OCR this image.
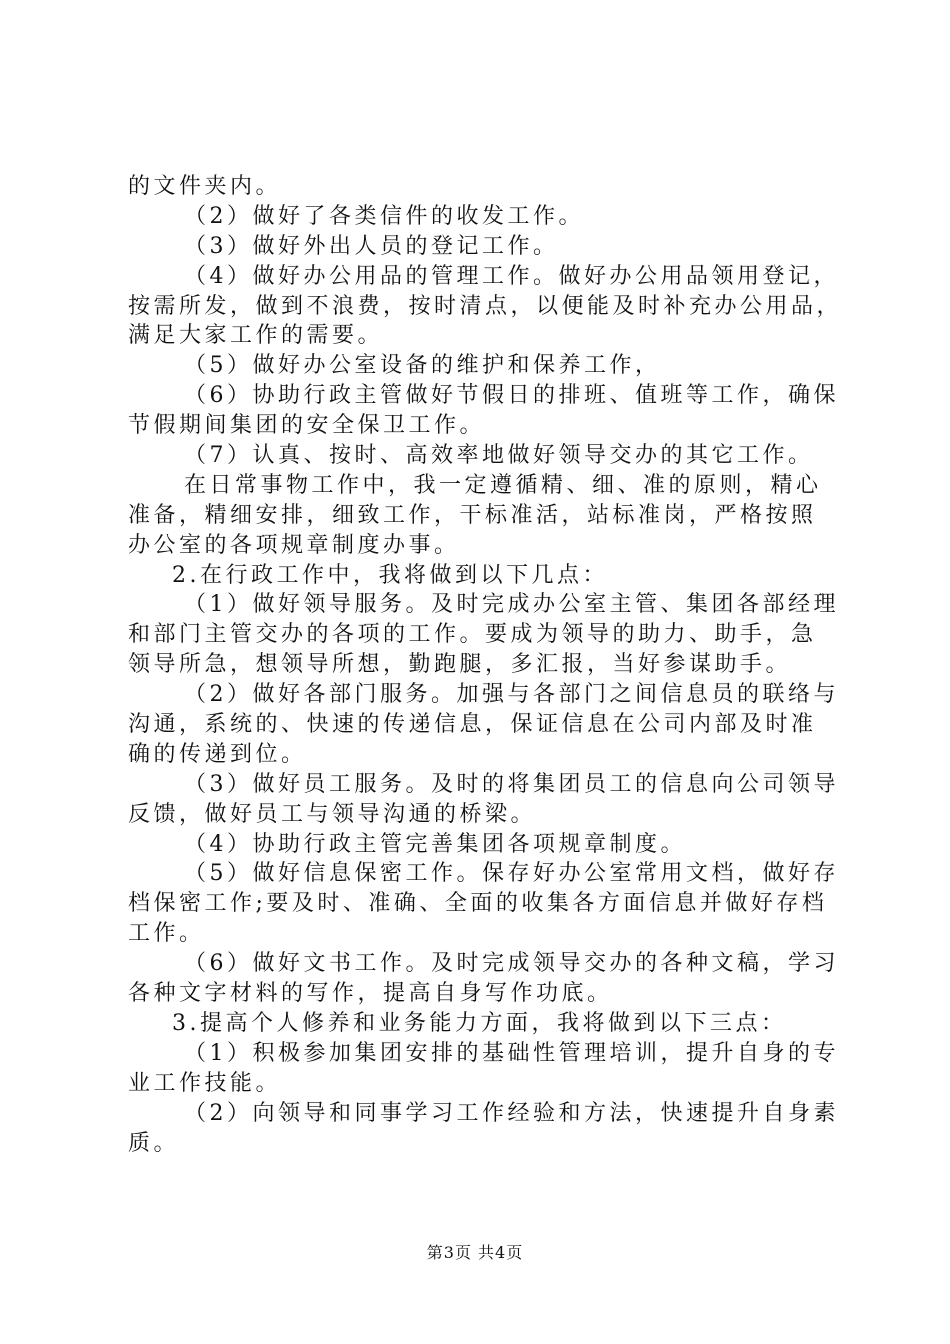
的文件夹内。
（2）做好了各类信件的收发工作。
（3）做好外出人员的登记工作。
（4）做好办公用品的管理工作。做好办公用品领用登记，
按需所发，做到不浪费，按时清点，以便能及时补充办公用品，
满足大家工作的需要。
（5）做好办公室设备的维护和保养工作，
（6）协助行政主管做好节假日的排班、值班等工作，确保
节假期间集团的安全保卫工作。
（7）认真、按时、高效率地做好领导交办的其它工作。
在日常事物工作中，我一定遵循精、细、准的原则，精心
准备，精细安排，细致工作，干标准活，站标准岗，严格按照
办公室的各项规章制度办事。
2.在行政工作中，我将做到以下几点：
（1）做好领导服务。及时完成办公室主管、集团各部经理
和部门主管交办的各项的工作。要成为领导的助力、助手，急
领导所急，想领导所想，勤跑腿，多汇报，当好参谋助手。
（2）做好各部门服务。加强与各部门之间信息员的联络与
沟通，系统的、快速的传递信息，保证信息在公司内部及时准
确的传递到位。
（3）做好员工服务。及时的将集团员工的信息向公司领导
反馈，做好员工与领导沟通的桥梁。
（4）协助行政主管完善集团各项规章制度。
（5）做好信息保密工作。保存好办公室常用文档，做好存
档保密工作;要及时、准确、全面的收集各方面信息并做好存档
工作。
（6）做好文书工作。及时完成领导交办的各种文稿，学习
各种文字材料的写作，提高自身写作功底。
3.提高个人修养和业务能力方面，我将做到以下三点：
（1）积极参加集团安排的基础性管理培训，提升自身的专
业工作技能。
（2）向领导和同事学习工作经验和方法，快速提升自身素
质。
第3页 共4页
